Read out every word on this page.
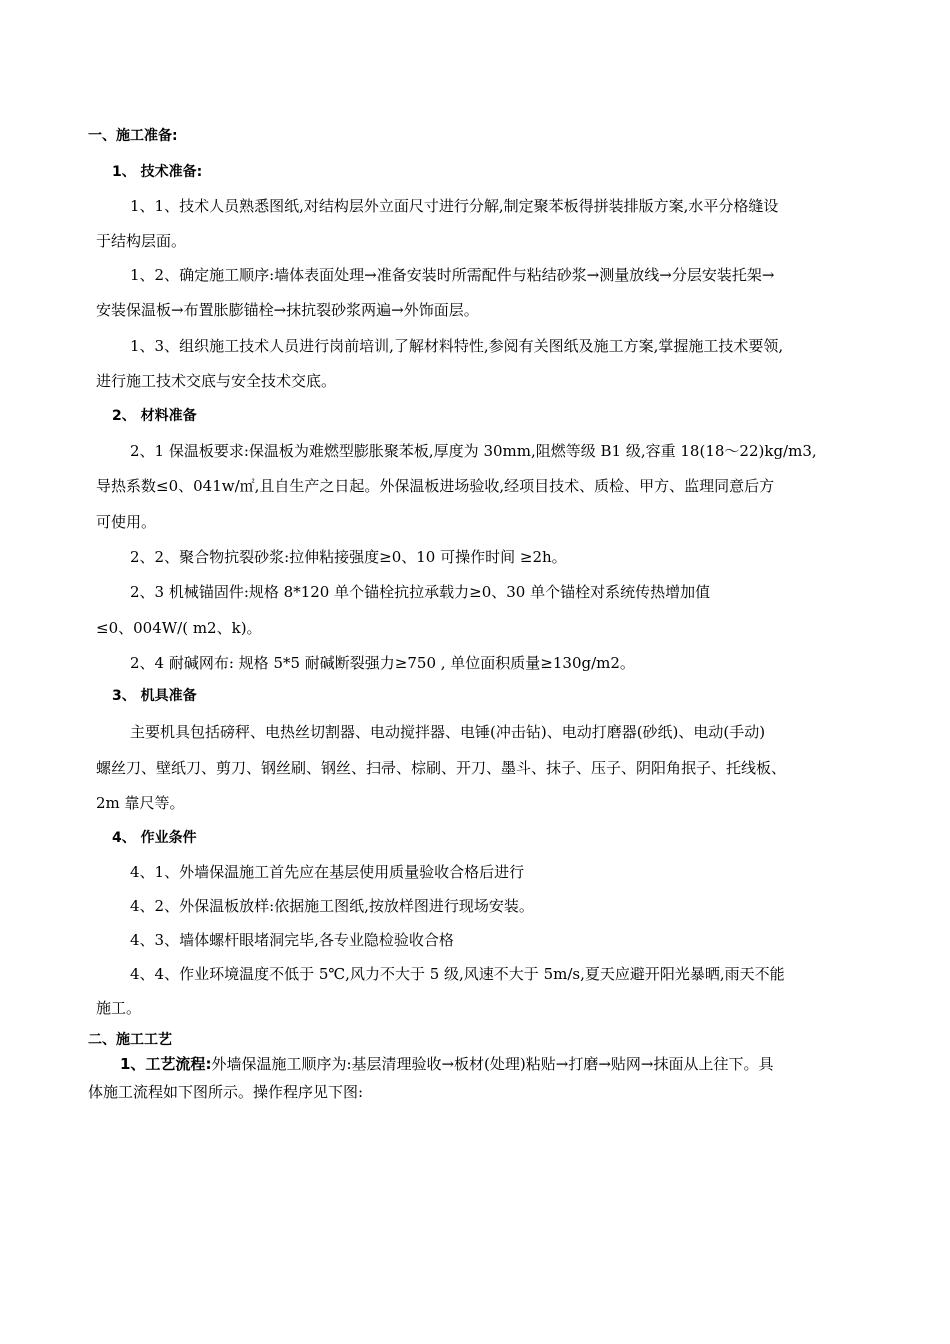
一、施工准备:
1、 技术准备:
1、1、技术人员熟悉图纸,对结构层外立面尺寸进行分解,制定聚苯板得拼装排版方案,水平分格缝设
于结构层面。
1、2、确定施工顺序:墙体表面处理→准备安装时所需配件与粘结砂浆→测量放线→分层安装托架→
安装保温板→布置胀膨锚栓→抹抗裂砂浆两遍→外饰面层。
1、3、组织施工技术人员进行岗前培训,了解材料特性,参阅有关图纸及施工方案,掌握施工技术要领,
进行施工技术交底与安全技术交底。
2、 材料准备
2、1 保温板要求:保温板为难燃型膨胀聚苯板,厚度为 30mm,阻燃等级 B1 级,容重 18(18～22)kg/m3,
导热系数≤0、041w/㎡,且自生产之日起。外保温板进场验收,经项目技术、质检、甲方、监理同意后方
可使用。
2、2、聚合物抗裂砂浆:拉伸粘接强度≥0、10 可操作时间 ≥2h。
2、3 机械锚固件:规格 8*120 单个锚栓抗拉承载力≥0、30 单个锚栓对系统传热增加值
≤0、004W/( m2、k)。
2、4 耐碱网布: 规格 5*5 耐碱断裂强力≥750 , 单位面积质量≥130g/m2。
3、 机具准备
主要机具包括磅秤、电热丝切割器、电动搅拌器、电锤(冲击钻)、电动打磨器(砂纸)、电动(手动)
螺丝刀、壁纸刀、剪刀、钢丝刷、钢丝、扫帚、棕刷、开刀、墨斗、抹子、压子、阴阳角抿子、托线板、
2m 靠尺等。
4、 作业条件
4、1、外墙保温施工首先应在基层使用质量验收合格后进行
4、2、外保温板放样:依据施工图纸,按放样图进行现场安装。
4、3、墙体螺杆眼堵洞完毕,各专业隐检验收合格
4、4、作业环境温度不低于 5℃,风力不大于 5 级,风速不大于 5m/s,夏天应避开阳光暴晒,雨天不能
施工。
二、施工工艺
1、工艺流程:外墙保温施工顺序为:基层清理验收→板材(处理)粘贴→打磨→贴网→抹面从上往下。具
体施工流程如下图所示。操作程序见下图:
